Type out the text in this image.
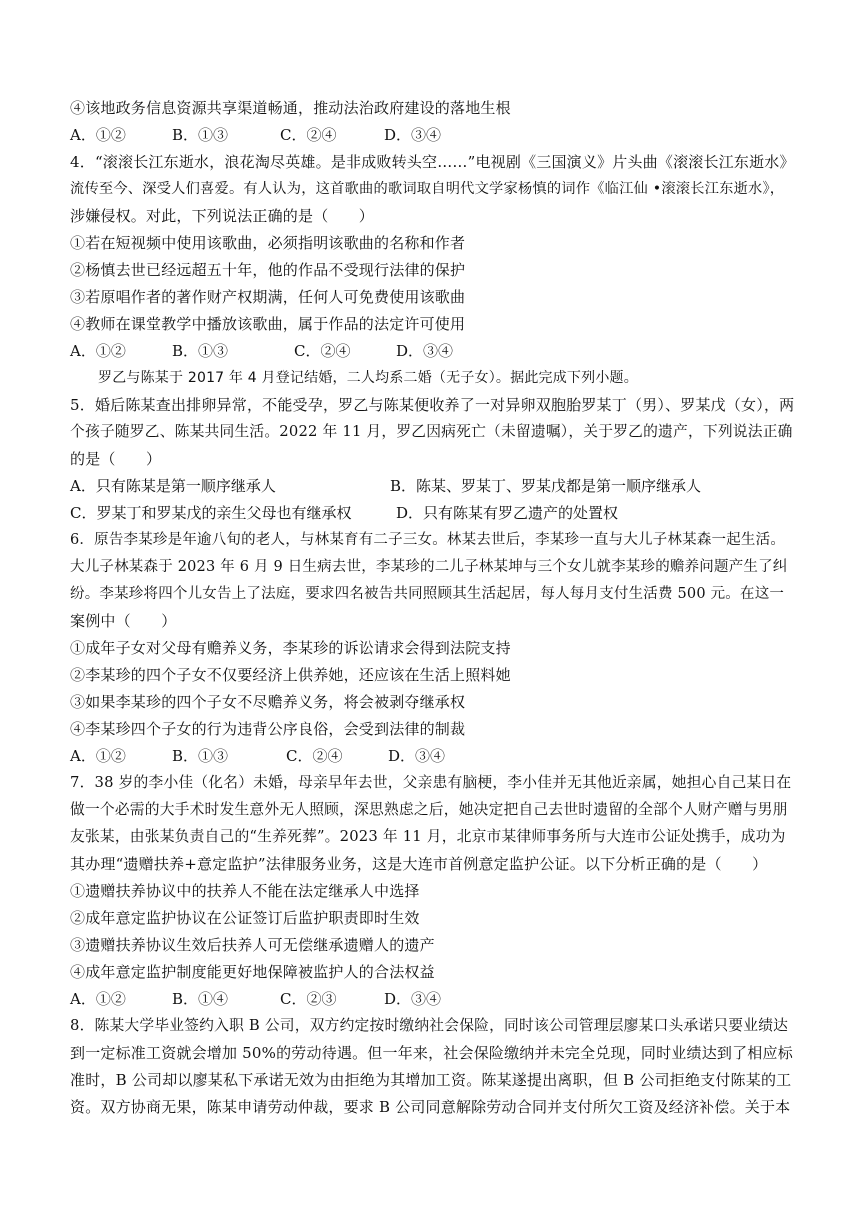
④该地政务信息资源共享渠道畅通，推动法治政府建设的落地生根
A．①②	B．①③	C．②④	D．③④
4．“滚滚长江东逝水，浪花淘尽英雄。是非成败转头空……”电视剧《三国演义》片头曲《滚滚长江东逝水》
流传至今、深受人们喜爱。有人认为，这首歌曲的歌词取自明代文学家杨慎的词作《临江仙 •滚滚长江东逝水》，
涉嫌侵权。对此，下列说法正确的是（　　）
①若在短视频中使用该歌曲，必须指明该歌曲的名称和作者
②杨慎去世已经远超五十年，他的作品不受现行法律的保护
③若原唱作者的著作财产权期满，任何人可免费使用该歌曲
④教师在课堂教学中播放该歌曲，属于作品的法定许可使用
A．①②	B．①③	C．②④	D．③④
罗乙与陈某于 2017 年 4 月登记结婚，二人均系二婚（无子女）。据此完成下列小题。
5．婚后陈某查出排卵异常，不能受孕，罗乙与陈某便收养了一对异卵双胞胎罗某丁（男）、罗某戊（女），两
个孩子随罗乙、陈某共同生活。2022 年 11 月，罗乙因病死亡（未留遗嘱），关于罗乙的遗产，下列说法正确
的是（　　）
A．只有陈某是第一顺序继承人	B．陈某、罗某丁、罗某戊都是第一顺序继承人
C．罗某丁和罗某戊的亲生父母也有继承权	D．只有陈某有罗乙遗产的处置权
6．原告李某珍是年逾八旬的老人，与林某育有二子三女。林某去世后，李某珍一直与大儿子林某森一起生活。
大儿子林某森于 2023 年 6 月 9 日生病去世，李某珍的二儿子林某坤与三个女儿就李某珍的赡养问题产生了纠
纷。李某珍将四个儿女告上了法庭，要求四名被告共同照顾其生活起居，每人每月支付生活费 500 元。在这一
案例中（　　）
①成年子女对父母有赡养义务，李某珍的诉讼请求会得到法院支持
②李某珍的四个子女不仅要经济上供养她，还应该在生活上照料她
③如果李某珍的四个子女不尽赡养义务，将会被剥夺继承权
④李某珍四个子女的行为违背公序良俗，会受到法律的制裁
A．①②	B．①③	C．②④	D．③④
7．38 岁的李小佳（化名）未婚，母亲早年去世，父亲患有脑梗，李小佳并无其他近亲属，她担心自己某日在
做一个必需的大手术时发生意外无人照顾，深思熟虑之后，她决定把自己去世时遗留的全部个人财产赠与男朋
友张某，由张某负责自己的“生养死葬”。2023 年 11 月，北京市某律师事务所与大连市公证处携手，成功为
其办理“遗赠扶养+意定监护”法律服务业务，这是大连市首例意定监护公证。以下分析正确的是（　　）
①遗赠扶养协议中的扶养人不能在法定继承人中选择
②成年意定监护协议在公证签订后监护职责即时生效
③遗赠扶养协议生效后扶养人可无偿继承遗赠人的遗产
④成年意定监护制度能更好地保障被监护人的合法权益
A．①②	B．①④	C．②③	D．③④
8．陈某大学毕业签约入职 B 公司，双方约定按时缴纳社会保险，同时该公司管理层廖某口头承诺只要业绩达
到一定标准工资就会增加 50%的劳动待遇。但一年来，社会保险缴纳并未完全兑现，同时业绩达到了相应标
准时，B 公司却以廖某私下承诺无效为由拒绝为其增加工资。陈某遂提出离职，但 B 公司拒绝支付陈某的工
资。双方协商无果，陈某申请劳动仲裁，要求 B 公司同意解除劳动合同并支付所欠工资及经济补偿。关于本
